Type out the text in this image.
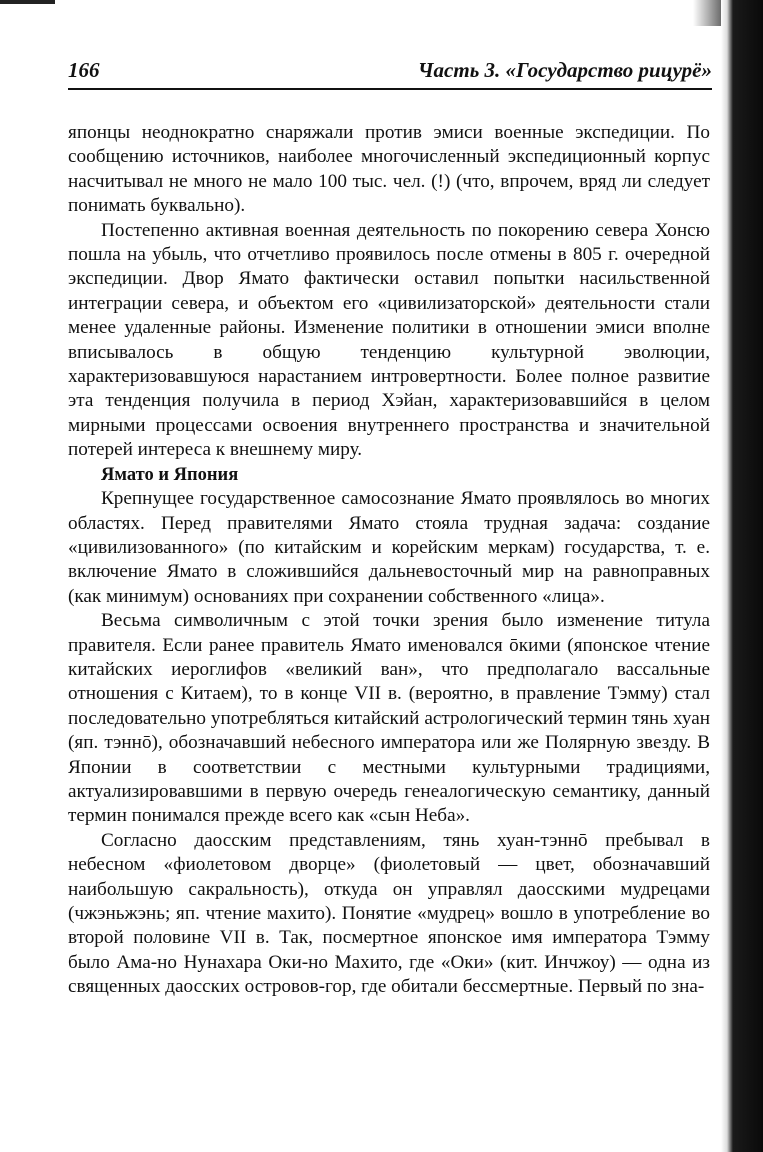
166	Часть 3. «Государство рицурё»

японцы неоднократно снаряжали против эмиси военные экспедиции. По сообщению источников, наиболее многочисленный экспедиционный корпус насчитывал не много не мало 100 тыс. чел. (!) (что, впрочем, вряд ли следует понимать буквально).

Постепенно активная военная деятельность по покорению севера Хонсю пошла на убыль, что отчетливо проявилось после отмены в 805 г. очередной экспедиции. Двор Ямато фактически оставил попытки насильственной интеграции севера, и объектом его «цивилизаторской» деятельности стали менее удаленные районы. Изменение политики в отношении эмиси вполне вписывалось в общую тенденцию культурной эволюции, характеризовавшуюся нарастанием интровертности. Более полное развитие эта тенденция получила в период Хэйан, характеризовавшийся в целом мирными процессами освоения внутреннего пространства и значительной потерей интереса к внешнему миру.

Ямато и Япония

Крепнущее государственное самосознание Ямато проявлялось во многих областях. Перед правителями Ямато стояла трудная задача: создание «цивилизованного» (по китайским и корейским меркам) государства, т. е. включение Ямато в сложившийся дальневосточный мир на равноправных (как минимум) основаниях при сохранении собственного «лица».

Весьма символичным с этой точки зрения было изменение титула правителя. Если ранее правитель Ямато именовался ōкими (японское чтение китайских иероглифов «великий ван», что предполагало вассальные отношения с Китаем), то в конце VII в. (вероятно, в правление Тэмму) стал последовательно употребляться китайский астрологический термин тянь хуан (яп. тэннō), обозначавший небесного императора или же Полярную звезду. В Японии в соответствии с местными культурными традициями, актуализировавшими в первую очередь генеалогическую семантику, данный термин понимался прежде всего как «сын Неба».

Согласно даосским представлениям, тянь хуан-тэннō пребывал в небесном «фиолетовом дворце» (фиолетовый — цвет, обозначавший наибольшую сакральность), откуда он управлял даосскими мудрецами (чжэньжэнь; яп. чтение махито). Понятие «мудрец» вошло в употребление во второй половине VII в. Так, посмертное японское имя императора Тэмму было Ама-но Нунахара Оки-но Махито, где «Оки» (кит. Инчжоу) — одна из священных даосских островов-гор, где обитали бессмертные. Первый по зна-
